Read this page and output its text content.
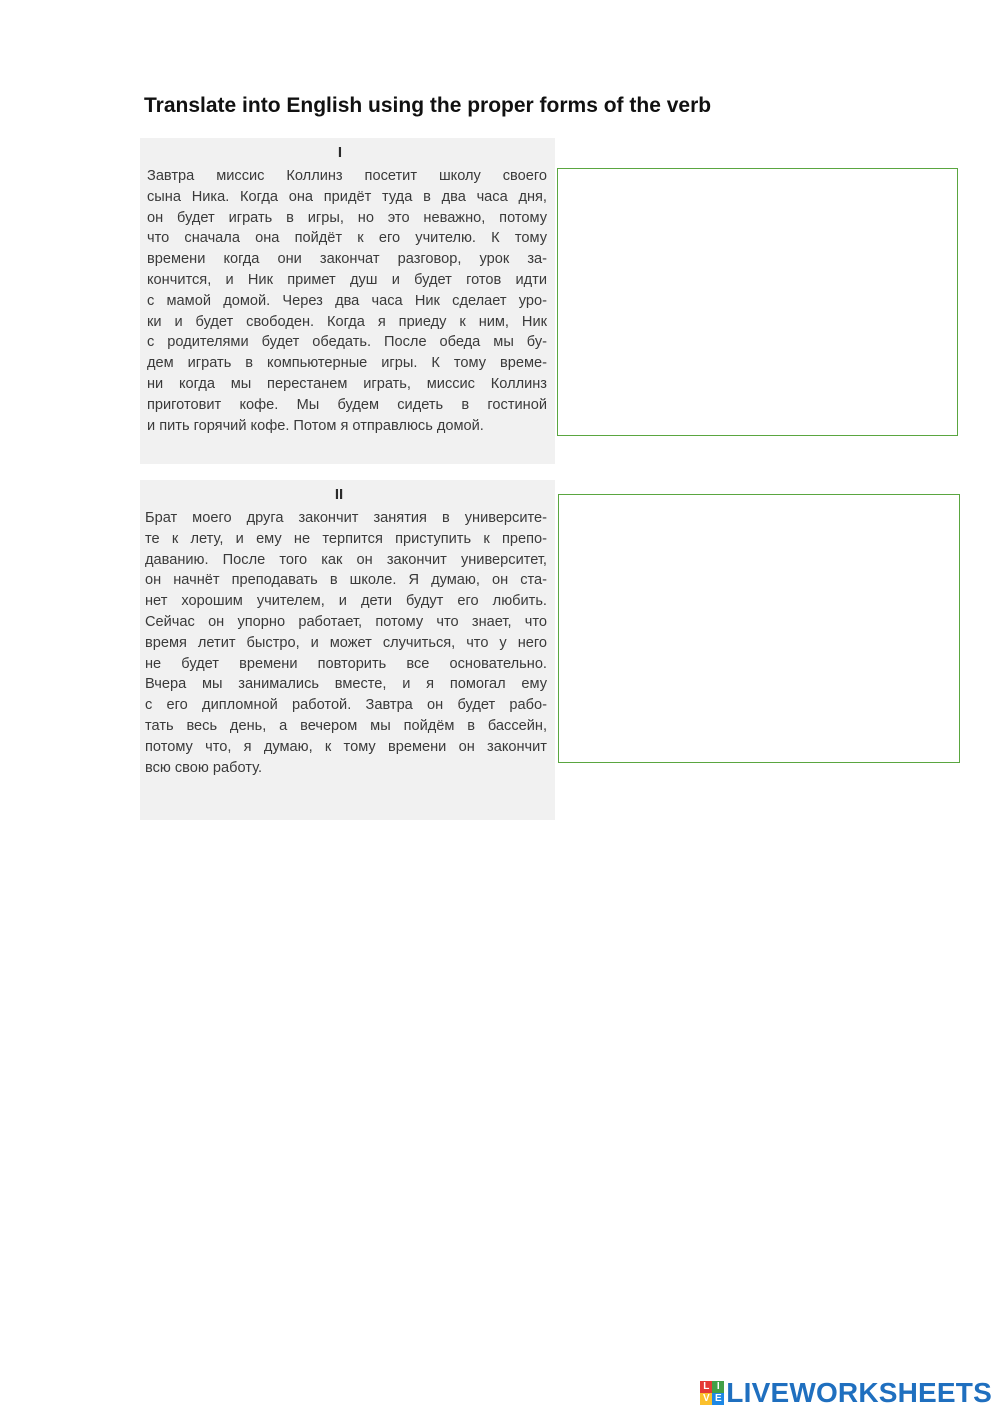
Translate into English using the proper forms of the verb
I

Завтра миссис Коллинз посетит школу своего

сына Ника. Когда она придёт туда в два часа дня,

он будет играть в игры, но это неважно, потому

что сначала она пойдёт к его учителю. К тому

времени когда они закончат разговор, урок за-

кончится, и Ник примет душ и будет готов идти

с мамой домой. Через два часа Ник сделает уро-

ки и будет свободен. Когда я приеду к ним, Ник

с родителями будет обедать. После обеда мы бу-

дем играть в компьютерные игры. К тому време-

ни когда мы перестанем играть, миссис Коллинз

приготовит кофе. Мы будем сидеть в гостиной

и пить горячий кофе. Потом я отправлюсь домой.

II

Брат моего друга закончит занятия в университе-

те к лету, и ему не терпится приступить к препо-

даванию. После того как он закончит университет,

он начнёт преподавать в школе. Я думаю, он ста-

нет хорошим учителем, и дети будут его любить.

Сейчас он упорно работает, потому что знает, что

время летит быстро, и может случиться, что у него

не будет времени повторить все основательно.

Вчера мы занимались вместе, и я помогал ему

с его дипломной работой. Завтра он будет рабо-

тать весь день, а вечером мы пойдём в бассейн,

потому что, я думаю, к тому времени он закончит

всю свою работу.

L I
V E LIVEWORKSHEETS
